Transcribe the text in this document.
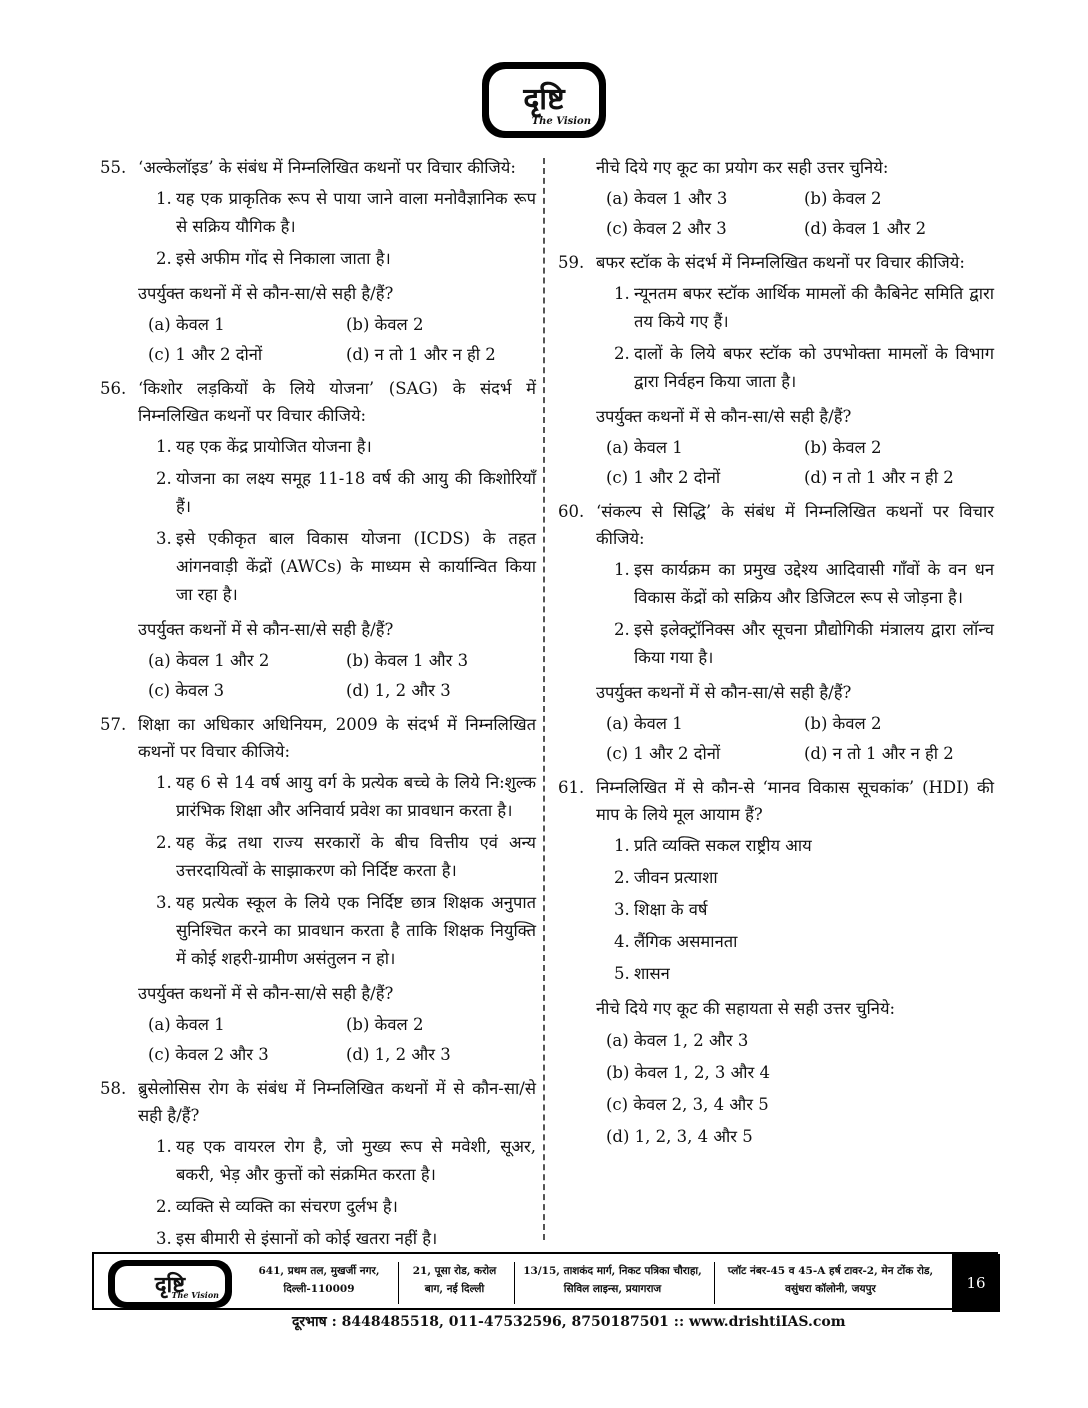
दृष्टि
The Vision
55. ‘अल्केलॉइड’ के संबंध में निम्नलिखित कथनों पर विचार कीजिये:
1. यह एक प्राकृतिक रूप से पाया जाने वाला मनोवैज्ञानिक रूप से सक्रिय यौगिक है।
2. इसे अफीम गोंद से निकाला जाता है।
उपर्युक्त कथनों में से कौन-सा/से सही है/हैं?
(a) केवल 1	(b) केवल 2
(c) 1 और 2 दोनों	(d) न तो 1 और न ही 2
56. ‘किशोर लड़कियों के लिये योजना’ (SAG) के संदर्भ में निम्नलिखित कथनों पर विचार कीजिये:
1. यह एक केंद्र प्रायोजित योजना है।
2. योजना का लक्ष्य समूह 11-18 वर्ष की आयु की किशोरियाँ हैं।
3. इसे एकीकृत बाल विकास योजना (ICDS) के तहत आंगनवाड़ी केंद्रों (AWCs) के माध्यम से कार्यान्वित किया जा रहा है।
उपर्युक्त कथनों में से कौन-सा/से सही है/हैं?
(a) केवल 1 और 2	(b) केवल 1 और 3
(c) केवल 3	(d) 1, 2 और 3
57. शिक्षा का अधिकार अधिनियम, 2009 के संदर्भ में निम्नलिखित कथनों पर विचार कीजिये:
1. यह 6 से 14 वर्ष आयु वर्ग के प्रत्येक बच्चे के लिये नि:शुल्क प्रारंभिक शिक्षा और अनिवार्य प्रवेश का प्रावधान करता है।
2. यह केंद्र तथा राज्य सरकारों के बीच वित्तीय एवं अन्य उत्तरदायित्वों के साझाकरण को निर्दिष्ट करता है।
3. यह प्रत्येक स्कूल के लिये एक निर्दिष्ट छात्र शिक्षक अनुपात सुनिश्चित करने का प्रावधान करता है ताकि शिक्षक नियुक्ति में कोई शहरी-ग्रामीण असंतुलन न हो।
उपर्युक्त कथनों में से कौन-सा/से सही है/हैं?
(a) केवल 1	(b) केवल 2
(c) केवल 2 और 3	(d) 1, 2 और 3
58. ब्रुसेलोसिस रोग के संबंध में निम्नलिखित कथनों में से कौन-सा/से सही है/हैं?
1. यह एक वायरल रोग है, जो मुख्य रूप से मवेशी, सूअर, बकरी, भेड़ और कुत्तों को संक्रमित करता है।
2. व्यक्ति से व्यक्ति का संचरण दुर्लभ है।
3. इस बीमारी से इंसानों को कोई खतरा नहीं है।
नीचे दिये गए कूट का प्रयोग कर सही उत्तर चुनिये:
(a) केवल 1 और 3	(b) केवल 2
(c) केवल 2 और 3	(d) केवल 1 और 2
59. बफर स्टॉक के संदर्भ में निम्नलिखित कथनों पर विचार कीजिये:
1. न्यूनतम बफर स्टॉक आर्थिक मामलों की कैबिनेट समिति द्वारा तय किये गए हैं।
2. दालों के लिये बफर स्टॉक को उपभोक्ता मामलों के विभाग द्वारा निर्वहन किया जाता है।
उपर्युक्त कथनों में से कौन-सा/से सही है/हैं?
(a) केवल 1	(b) केवल 2
(c) 1 और 2 दोनों	(d) न तो 1 और न ही 2
60. ‘संकल्प से सिद्धि’ के संबंध में निम्नलिखित कथनों पर विचार कीजिये:
1. इस कार्यक्रम का प्रमुख उद्देश्य आदिवासी गाँवों के वन धन विकास केंद्रों को सक्रिय और डिजिटल रूप से जोड़ना है।
2. इसे इलेक्ट्रॉनिक्स और सूचना प्रौद्योगिकी मंत्रालय द्वारा लॉन्च किया गया है।
उपर्युक्त कथनों में से कौन-सा/से सही है/हैं?
(a) केवल 1	(b) केवल 2
(c) 1 और 2 दोनों	(d) न तो 1 और न ही 2
61. निम्नलिखित में से कौन-से ‘मानव विकास सूचकांक’ (HDI) की माप के लिये मूल आयाम हैं?
1. प्रति व्यक्ति सकल राष्ट्रीय आय
2. जीवन प्रत्याशा
3. शिक्षा के वर्ष
4. लैंगिक असमानता
5. शासन
नीचे दिये गए कूट की सहायता से सही उत्तर चुनिये:
(a) केवल 1, 2 और 3
(b) केवल 1, 2, 3 और 4
(c) केवल 2, 3, 4 और 5
(d) 1, 2, 3, 4 और 5
दृष्टि
The Vision
641, प्रथम तल, मुखर्जी नगर, दिल्ली-110009
21, पूसा रोड, करोल बाग, नई दिल्ली
13/15, ताशकंद मार्ग, निकट पत्रिका चौराहा, सिविल लाइन्स, प्रयागराज
प्लॉट नंबर-45 व 45-A हर्ष टावर-2, मेन टोंक रोड, वसुंधरा कॉलोनी, जयपुर	16
दूरभाष : 8448485518, 011-47532596, 8750187501 :: www.drishtiIAS.com
